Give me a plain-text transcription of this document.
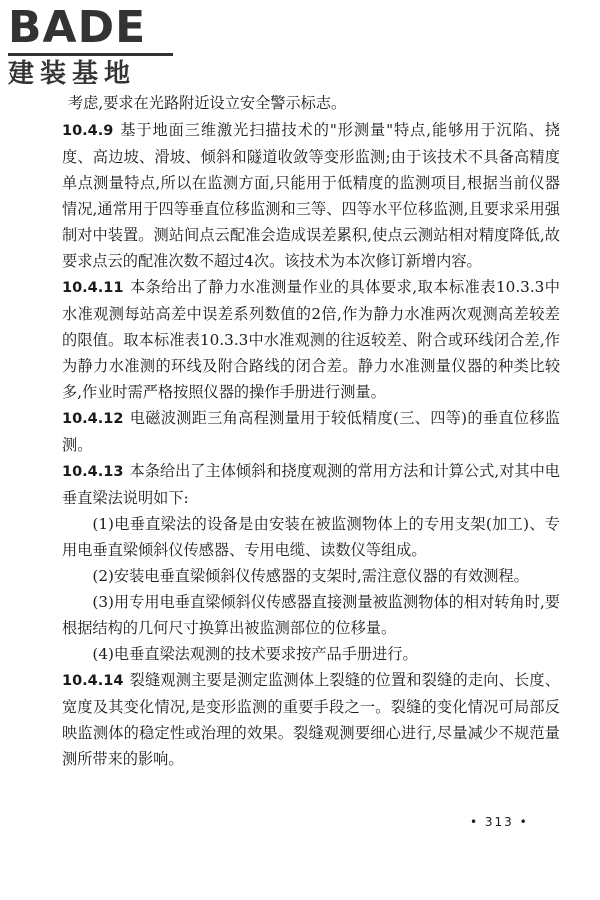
BADE
建装基地

考虑,要求在光路附近设立安全警示标志。

10.4.9 基于地面三维激光扫描技术的"形测量"特点,能够用于沉陷、挠度、高边坡、滑坡、倾斜和隧道收敛等变形监测;由于该技术不具备高精度单点测量特点,所以在监测方面,只能用于低精度的监测项目,根据当前仪器情况,通常用于四等垂直位移监测和三等、四等水平位移监测,且要求采用强制对中装置。测站间点云配准会造成误差累积,使点云测站相对精度降低,故要求点云的配准次数不超过4次。该技术为本次修订新增内容。

10.4.11 本条给出了静力水准测量作业的具体要求,取本标准表10.3.3中水准观测每站高差中误差系列数值的2倍,作为静力水准两次观测高差较差的限值。取本标准表10.3.3中水准观测的往返较差、附合或环线闭合差,作为静力水准测的环线及附合路线的闭合差。静力水准测量仪器的种类比较多,作业时需严格按照仪器的操作手册进行测量。

10.4.12 电磁波测距三角高程测量用于较低精度(三、四等)的垂直位移监测。

10.4.13 本条给出了主体倾斜和挠度观测的常用方法和计算公式,对其中电垂直梁法说明如下:

(1)电垂直梁法的设备是由安装在被监测物体上的专用支架(加工)、专用电垂直梁倾斜仪传感器、专用电缆、读数仪等组成。

(2)安装电垂直梁倾斜仪传感器的支架时,需注意仪器的有效测程。

(3)用专用电垂直梁倾斜仪传感器直接测量被监测物体的相对转角时,要根据结构的几何尺寸换算出被监测部位的位移量。

(4)电垂直梁法观测的技术要求按产品手册进行。

10.4.14 裂缝观测主要是测定监测体上裂缝的位置和裂缝的走向、长度、宽度及其变化情况,是变形监测的重要手段之一。裂缝的变化情况可局部反映监测体的稳定性或治理的效果。裂缝观测要细心进行,尽量减少不规范量测所带来的影响。

• 313 •
